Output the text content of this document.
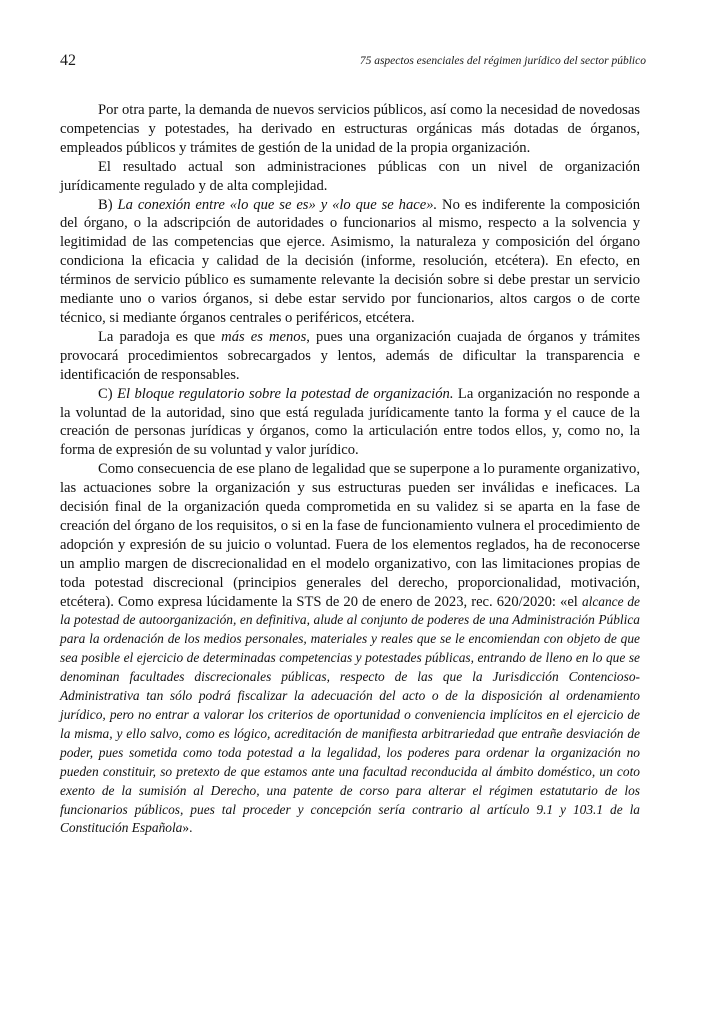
42	75 aspectos esenciales del régimen jurídico del sector público

Por otra parte, la demanda de nuevos servicios públicos, así como la necesidad de novedosas competencias y potestades, ha derivado en estructuras orgánicas más dotadas de órganos, empleados públicos y trámites de gestión de la unidad de la propia organización.

El resultado actual son administraciones públicas con un nivel de organización jurídicamente regulado y de alta complejidad.

B) La conexión entre «lo que se es» y «lo que se hace». No es indiferente la composición del órgano, o la adscripción de autoridades o funcionarios al mismo, respecto a la solvencia y legitimidad de las competencias que ejerce. Asimismo, la naturaleza y composición del órgano condiciona la eficacia y calidad de la decisión (informe, resolución, etcétera). En efecto, en términos de servicio público es sumamente relevante la decisión sobre si debe prestar un servicio mediante uno o varios órganos, si debe estar servido por funcionarios, altos cargos o de corte técnico, si mediante órganos centrales o periféricos, etcétera.

La paradoja es que más es menos, pues una organización cuajada de órganos y trámites provocará procedimientos sobrecargados y lentos, además de dificultar la transparencia e identificación de responsables.

C) El bloque regulatorio sobre la potestad de organización. La organización no responde a la voluntad de la autoridad, sino que está regulada jurídicamente tanto la forma y el cauce de la creación de personas jurídicas y órganos, como la articulación entre todos ellos, y, como no, la forma de expresión de su voluntad y valor jurídico.

Como consecuencia de ese plano de legalidad que se superpone a lo puramente organizativo, las actuaciones sobre la organización y sus estructuras pueden ser inválidas e ineficaces. La decisión final de la organización queda comprometida en su validez si se aparta en la fase de creación del órgano de los requisitos, o si en la fase de funcionamiento vulnera el procedimiento de adopción y expresión de su juicio o voluntad. Fuera de los elementos reglados, ha de reconocerse un amplio margen de discrecionalidad en el modelo organizativo, con las limitaciones propias de toda potestad discrecional (principios generales del derecho, proporcionalidad, motivación, etcétera). Como expresa lúcidamente la STS de 20 de enero de 2023, rec. 620/2020: «el alcance de la potestad de autoorganización, en definitiva, alude al conjunto de poderes de una Administración Pública para la ordenación de los medios personales, materiales y reales que se le encomiendan con objeto de que sea posible el ejercicio de determinadas competencias y potestades públicas, entrando de lleno en lo que se denominan facultades discrecionales públicas, respecto de las que la Jurisdicción Contencioso-Administrativa tan sólo podrá fiscalizar la adecuación del acto o de la disposición al ordenamiento jurídico, pero no entrar a valorar los criterios de oportunidad o conveniencia implícitos en el ejercicio de la misma, y ello salvo, como es lógico, acreditación de manifiesta arbitrariedad que entrañe desviación de poder, pues sometida como toda potestad a la legalidad, los poderes para ordenar la organización no pueden constituir, so pretexto de que estamos ante una facultad reconducida al ámbito doméstico, un coto exento de la sumisión al Derecho, una patente de corso para alterar el régimen estatutario de los funcionarios públicos, pues tal proceder y concepción sería contrario al artículo 9.1 y 103.1 de la Constitución Española».
